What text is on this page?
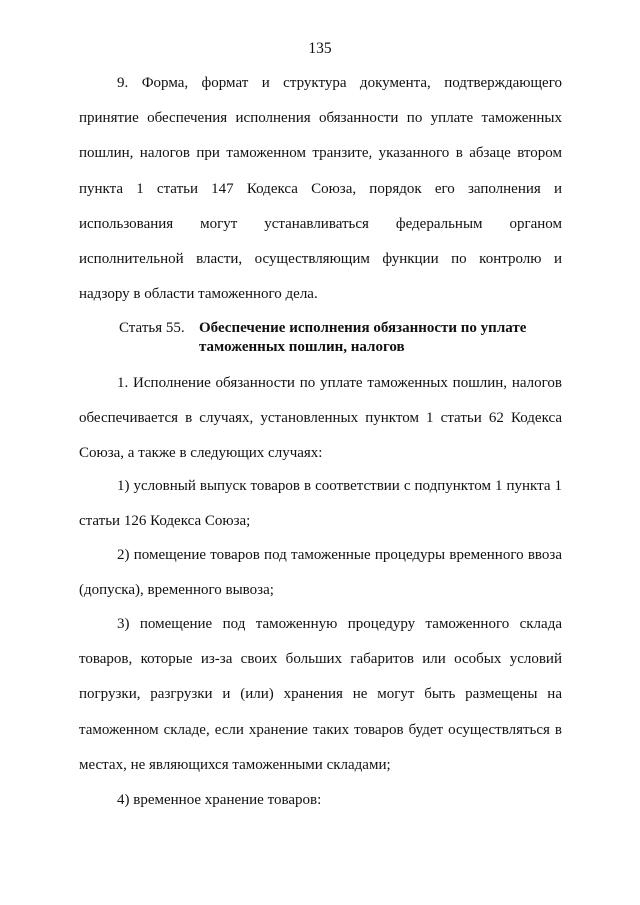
135

9. Форма, формат и структура документа, подтверждающего принятие обеспечения исполнения обязанности по уплате таможенных пошлин, налогов при таможенном транзите, указанного в абзаце втором пункта 1 статьи 147 Кодекса Союза, порядок его заполнения и использования могут устанавливаться федеральным органом исполнительной власти, осуществляющим функции по контролю и надзору в области таможенного дела.

Статья 55. Обеспечение исполнения обязанности по уплате таможенных пошлин, налогов

1. Исполнение обязанности по уплате таможенных пошлин, налогов обеспечивается в случаях, установленных пунктом 1 статьи 62 Кодекса Союза, а также в следующих случаях:

1) условный выпуск товаров в соответствии с подпунктом 1 пункта 1 статьи 126 Кодекса Союза;

2) помещение товаров под таможенные процедуры временного ввоза (допуска), временного вывоза;

3) помещение под таможенную процедуру таможенного склада товаров, которые из-за своих больших габаритов или особых условий погрузки, разгрузки и (или) хранения не могут быть размещены на таможенном складе, если хранение таких товаров будет осуществляться в местах, не являющихся таможенными складами;

4) временное хранение товаров:
